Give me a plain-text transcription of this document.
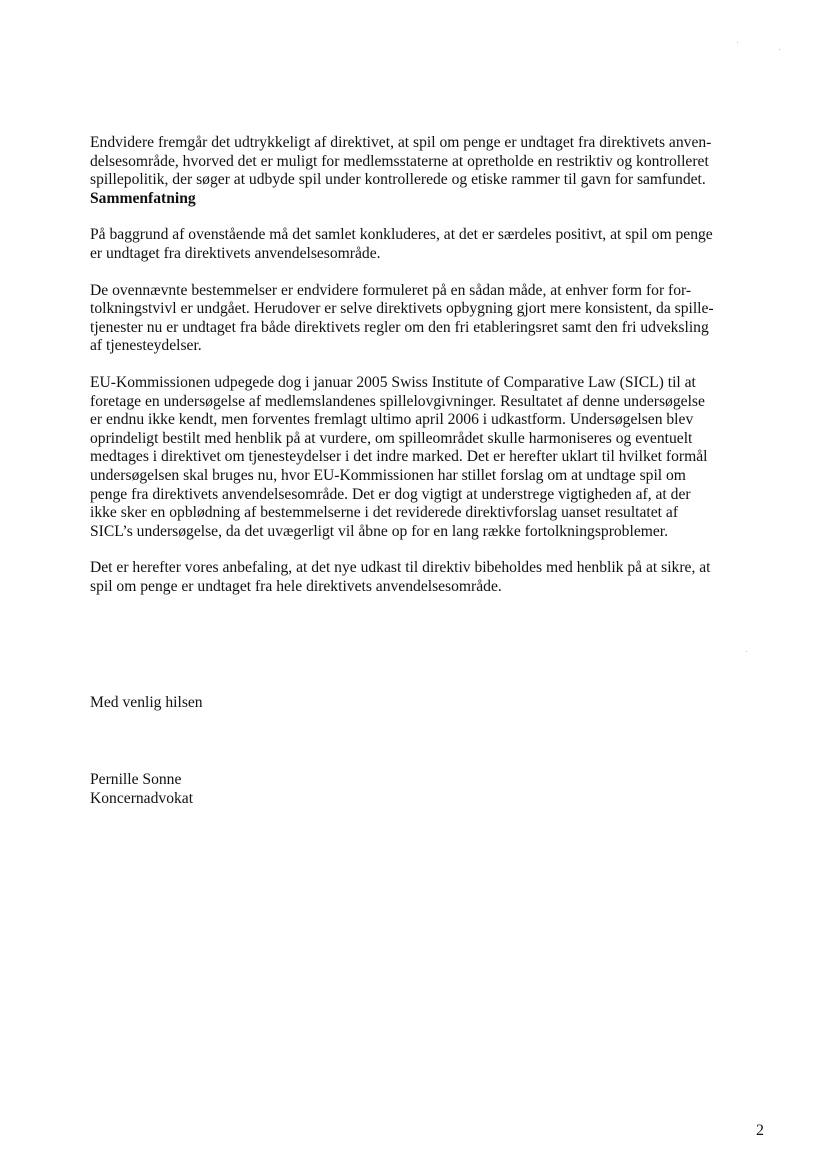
Endvidere fremgår det udtrykkeligt af direktivet, at spil om penge er undtaget fra direktivets anven-
delsesområde, hvorved det er muligt for medlemsstaterne at opretholde en restriktiv og kontrolleret
spillepolitik, der søger at udbyde spil under kontrollerede og etiske rammer til gavn for samfundet.

Sammenfatning

På baggrund af ovenstående må det samlet konkluderes, at det er særdeles positivt, at spil om penge
er undtaget fra direktivets anvendelsesområde.

De ovennævnte bestemmelser er endvidere formuleret på en sådan måde, at enhver form for for-
tolkningstvivl er undgået. Herudover er selve direktivets opbygning gjort mere konsistent, da spille-
tjenester nu er undtaget fra både direktivets regler om den fri etableringsret samt den fri udveksling
af tjenesteydelser.

EU-Kommissionen udpegede dog i januar 2005 Swiss Institute of Comparative Law (SICL) til at
foretage en undersøgelse af medlemslandenes spillelovgivninger. Resultatet af denne undersøgelse
er endnu ikke kendt, men forventes fremlagt ultimo april 2006 i udkastform. Undersøgelsen blev
oprindeligt bestilt med henblik på at vurdere, om spilleområdet skulle harmoniseres og eventuelt
medtages i direktivet om tjenesteydelser i det indre marked. Det er herefter uklart til hvilket formål
undersøgelsen skal bruges nu, hvor EU-Kommissionen har stillet forslag om at undtage spil om
penge fra direktivets anvendelsesområde. Det er dog vigtigt at understrege vigtigheden af, at der
ikke sker en opblødning af bestemmelserne i det reviderede direktivforslag uanset resultatet af
SICL’s undersøgelse, da det uvægerligt vil åbne op for en lang række fortolkningsproblemer.

Det er herefter vores anbefaling, at det nye udkast til direktiv bibeholdes med henblik på at sikre, at
spil om penge er undtaget fra hele direktivets anvendelsesområde.

Med venlig hilsen
Pernille Sonne
Koncernadvokat
2
